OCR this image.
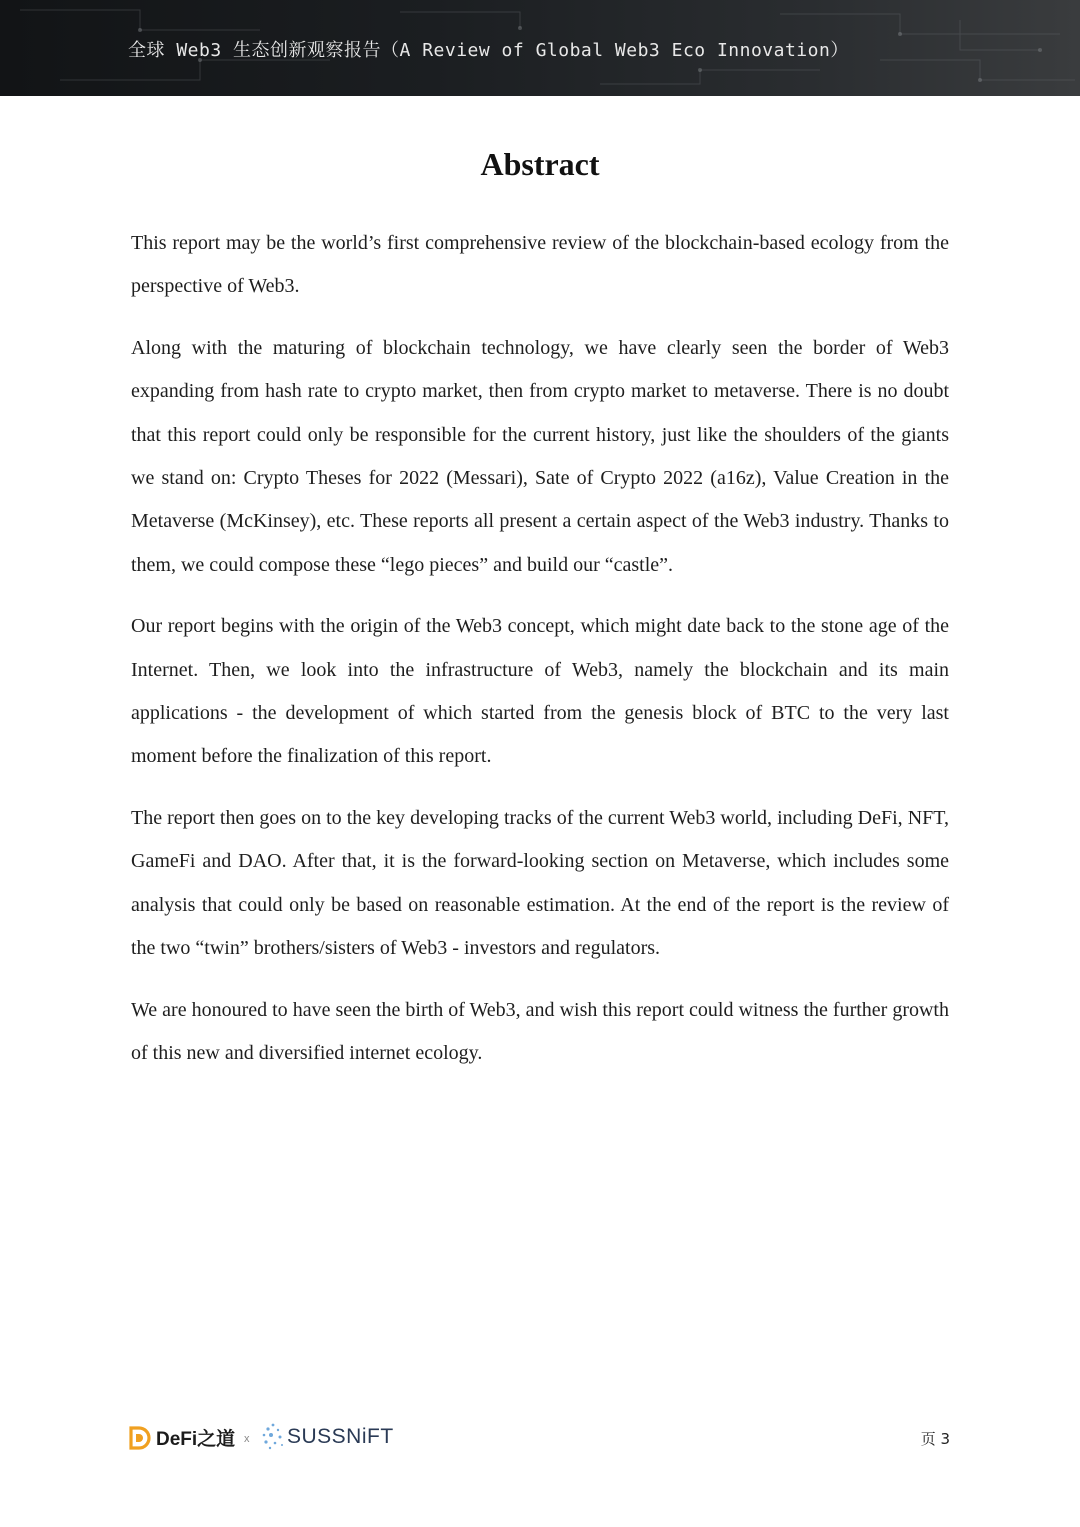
全球 Web3 生态创新观察报告（A Review of Global Web3 Eco Innovation）
Abstract

This report may be the world’s first comprehensive review of the blockchain-based ecology from the perspective of Web3.

Along with the maturing of blockchain technology, we have clearly seen the border of Web3 expanding from hash rate to crypto market, then from crypto market to metaverse. There is no doubt that this report could only be responsible for the current history, just like the shoulders of the giants we stand on: Crypto Theses for 2022 (Messari), Sate of Crypto 2022 (a16z), Value Creation in the Metaverse (McKinsey), etc. These reports all present a certain aspect of the Web3 industry. Thanks to them, we could compose these “lego pieces” and build our “castle”.

Our report begins with the origin of the Web3 concept, which might date back to the stone age of the Internet. Then, we look into the infrastructure of Web3, namely the blockchain and its main applications - the development of which started from the genesis block of BTC to the very last moment before the finalization of this report.

The report then goes on to the key developing tracks of the current Web3 world, including DeFi, NFT, GameFi and DAO. After that, it is the forward-looking section on Metaverse, which includes some analysis that could only be based on reasonable estimation. At the end of the report is the review of the two “twin” brothers/sisters of Web3 - investors and regulators.

We are honoured to have seen the birth of Web3, and wish this report could witness the further growth of this new and diversified internet ecology.

DeFi之道 x SUSSNiFT	页 3
